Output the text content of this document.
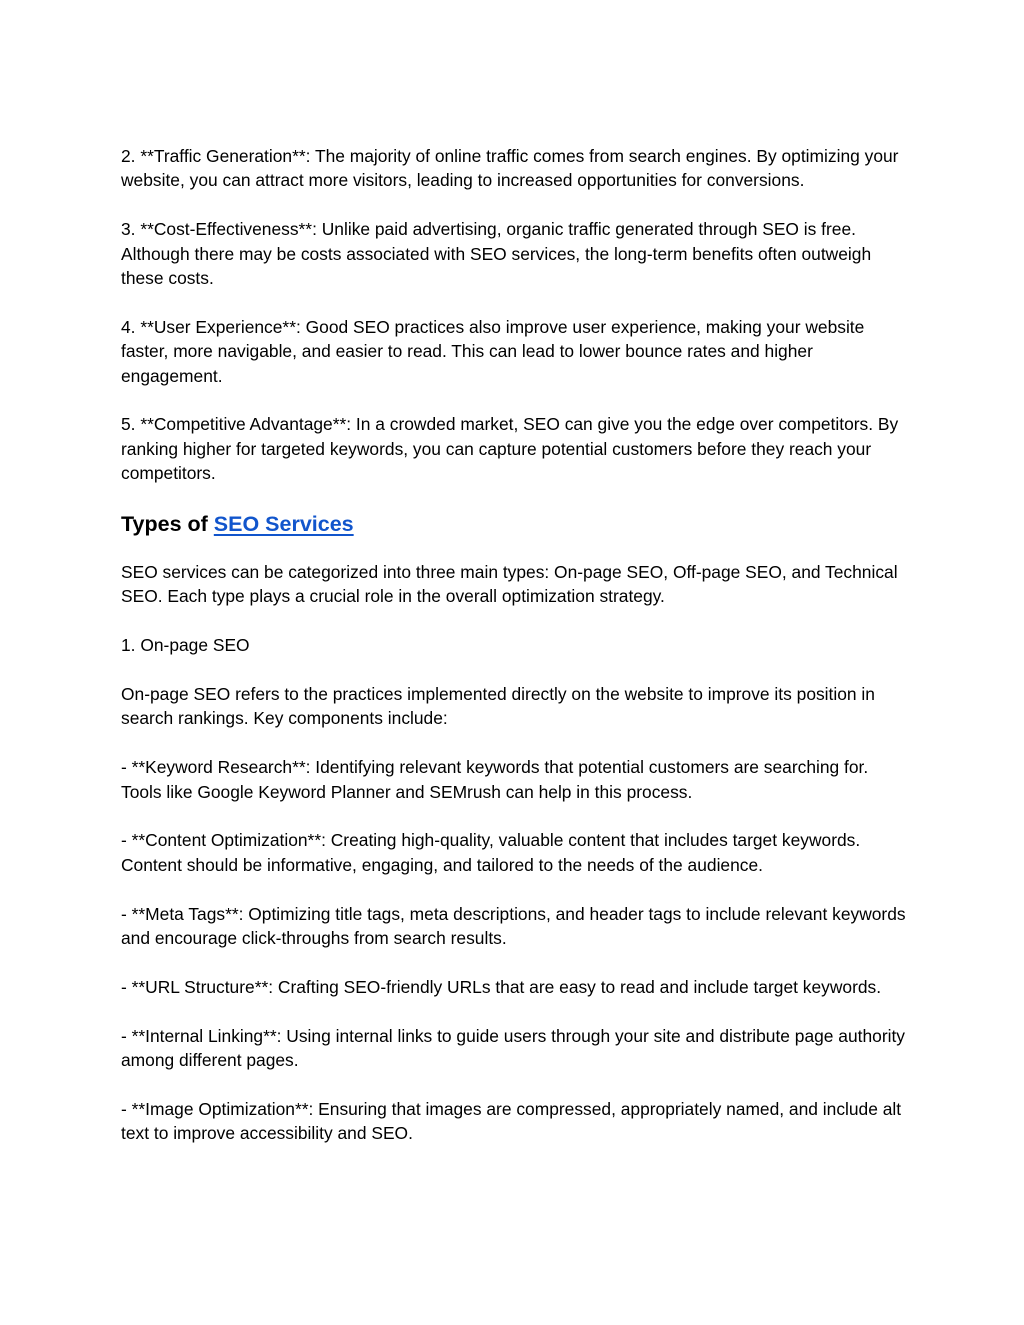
2. **Traffic Generation**: The majority of online traffic comes from search engines. By optimizing your website, you can attract more visitors, leading to increased opportunities for conversions.

3. **Cost-Effectiveness**: Unlike paid advertising, organic traffic generated through SEO is free. Although there may be costs associated with SEO services, the long-term benefits often outweigh these costs.

4. **User Experience**: Good SEO practices also improve user experience, making your website faster, more navigable, and easier to read. This can lead to lower bounce rates and higher engagement.

5. **Competitive Advantage**: In a crowded market, SEO can give you the edge over competitors. By ranking higher for targeted keywords, you can capture potential customers before they reach your competitors.

Types of SEO Services

SEO services can be categorized into three main types: On-page SEO, Off-page SEO, and Technical SEO. Each type plays a crucial role in the overall optimization strategy.

1. On-page SEO

On-page SEO refers to the practices implemented directly on the website to improve its position in search rankings. Key components include:

- **Keyword Research**: Identifying relevant keywords that potential customers are searching for. Tools like Google Keyword Planner and SEMrush can help in this process.

- **Content Optimization**: Creating high-quality, valuable content that includes target keywords. Content should be informative, engaging, and tailored to the needs of the audience.

- **Meta Tags**: Optimizing title tags, meta descriptions, and header tags to include relevant keywords and encourage click-throughs from search results.

- **URL Structure**: Crafting SEO-friendly URLs that are easy to read and include target keywords.

- **Internal Linking**: Using internal links to guide users through your site and distribute page authority among different pages.

- **Image Optimization**: Ensuring that images are compressed, appropriately named, and include alt text to improve accessibility and SEO.
